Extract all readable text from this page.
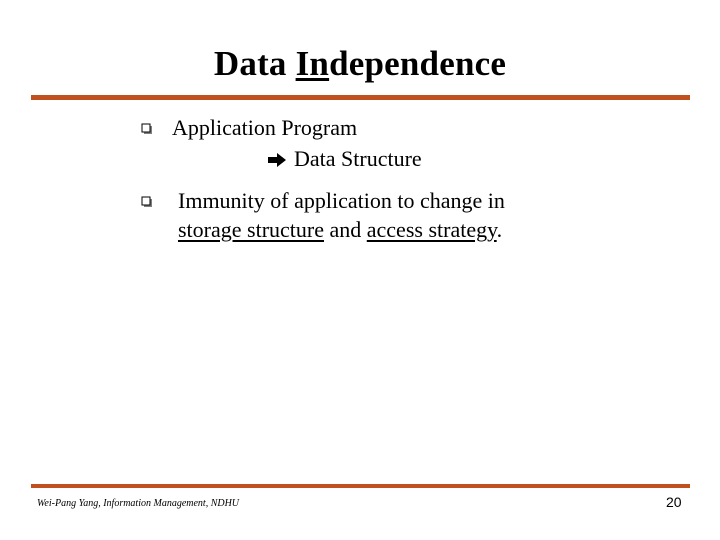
Data Independence
Application Program
Data Structure
Immunity of application to change in
storage structure and access strategy.
Wei-Pang Yang, Information Management, NDHU	20
